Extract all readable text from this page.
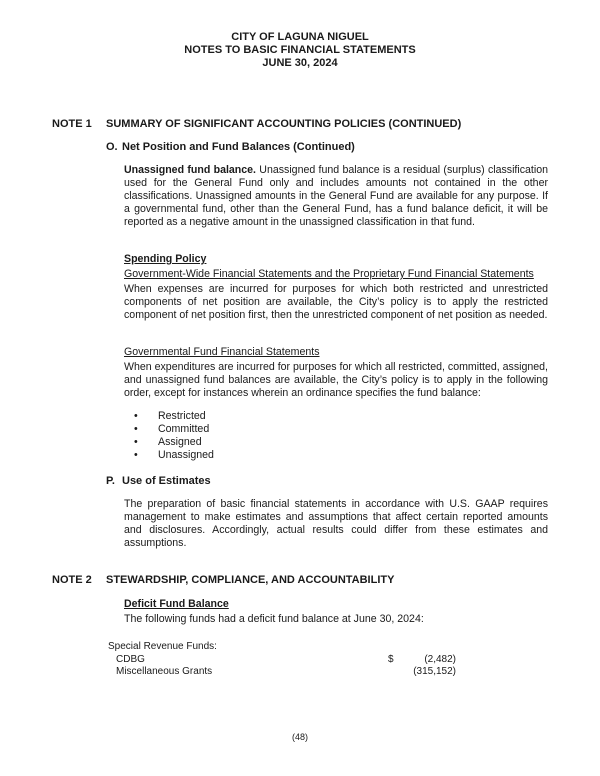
CITY OF LAGUNA NIGUEL
NOTES TO BASIC FINANCIAL STATEMENTS
JUNE 30, 2024
NOTE 1 SUMMARY OF SIGNIFICANT ACCOUNTING POLICIES (CONTINUED)
O. Net Position and Fund Balances (Continued)
Unassigned fund balance. Unassigned fund balance is a residual (surplus) classification used for the General Fund only and includes amounts not contained in the other classifications. Unassigned amounts in the General Fund are available for any purpose. If a governmental fund, other than the General Fund, has a fund balance deficit, it will be reported as a negative amount in the unassigned classification in that fund.
Spending Policy
Government-Wide Financial Statements and the Proprietary Fund Financial Statements
When expenses are incurred for purposes for which both restricted and unrestricted components of net position are available, the City’s policy is to apply the restricted component of net position first, then the unrestricted component of net position as needed.
Governmental Fund Financial Statements
When expenditures are incurred for purposes for which all restricted, committed, assigned, and unassigned fund balances are available, the City’s policy is to apply in the following order, except for instances wherein an ordinance specifies the fund balance:
• Restricted
• Committed
• Assigned
• Unassigned
P. Use of Estimates
The preparation of basic financial statements in accordance with U.S. GAAP requires management to make estimates and assumptions that affect certain reported amounts and disclosures. Accordingly, actual results could differ from these estimates and assumptions.
NOTE 2 STEWARDSHIP, COMPLIANCE, AND ACCOUNTABILITY
Deficit Fund Balance
The following funds had a deficit fund balance at June 30, 2024:
Special Revenue Funds:
CDBG	$	(2,482)
Miscellaneous Grants	(315,152)
(48)
